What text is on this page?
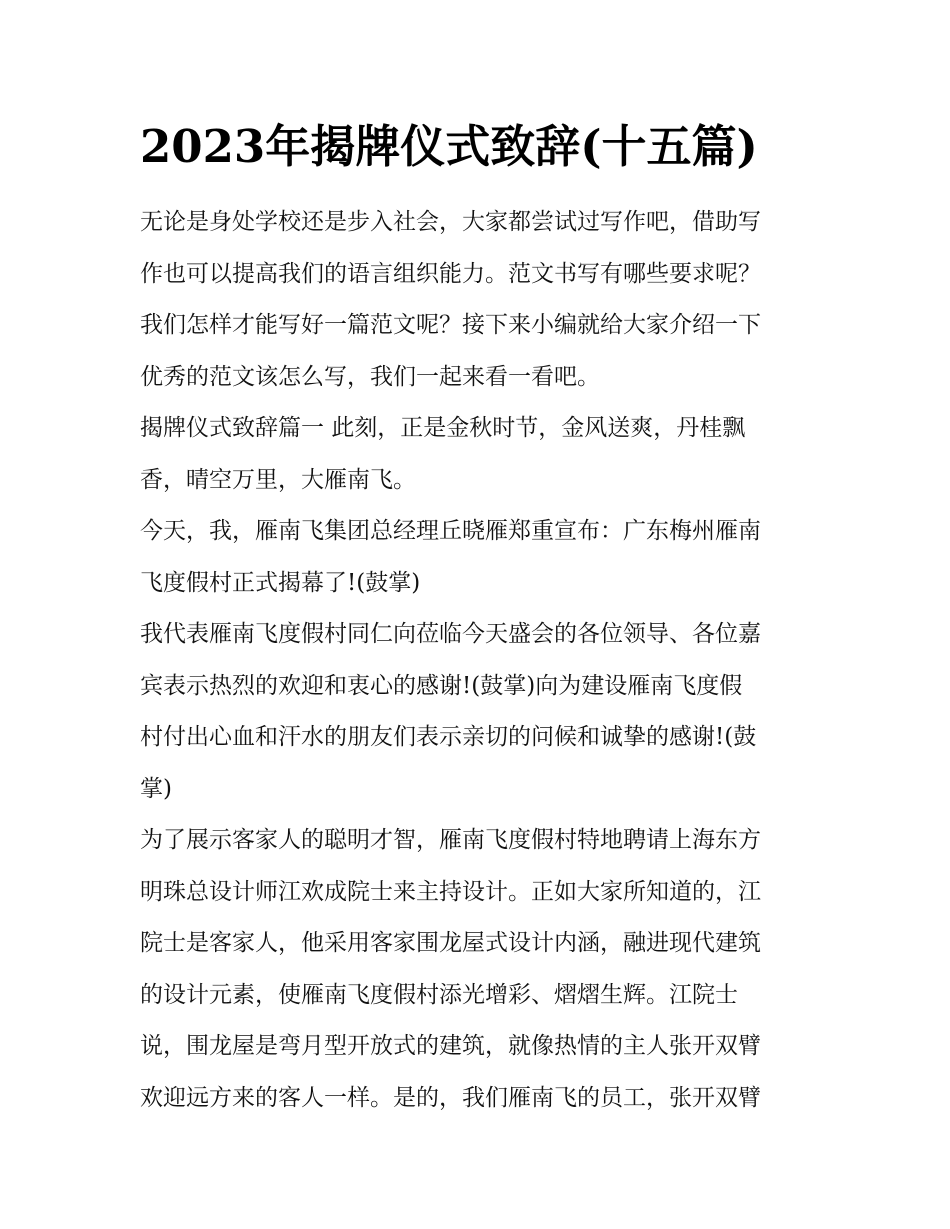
2023年揭牌仪式致辞(十五篇)
无论是身处学校还是步入社会，大家都尝试过写作吧，借助写
作也可以提高我们的语言组织能力。范文书写有哪些要求呢？
我们怎样才能写好一篇范文呢？接下来小编就给大家介绍一下
优秀的范文该怎么写，我们一起来看一看吧。
揭牌仪式致辞篇一 此刻，正是金秋时节，金风送爽，丹桂飘
香，晴空万里，大雁南飞。
今天，我，雁南飞集团总经理丘晓雁郑重宣布：广东梅州雁南
飞度假村正式揭幕了!(鼓掌)
我代表雁南飞度假村同仁向莅临今天盛会的各位领导、各位嘉
宾表示热烈的欢迎和衷心的感谢!(鼓掌)向为建设雁南飞度假
村付出心血和汗水的朋友们表示亲切的问候和诚挚的感谢!(鼓
掌)
为了展示客家人的聪明才智，雁南飞度假村特地聘请上海东方
明珠总设计师江欢成院士来主持设计。正如大家所知道的，江
院士是客家人，他采用客家围龙屋式设计内涵，融进现代建筑
的设计元素，使雁南飞度假村添光增彩、熠熠生辉。江院士
说，围龙屋是弯月型开放式的建筑，就像热情的主人张开双臂
欢迎远方来的客人一样。是的，我们雁南飞的员工，张开双臂
